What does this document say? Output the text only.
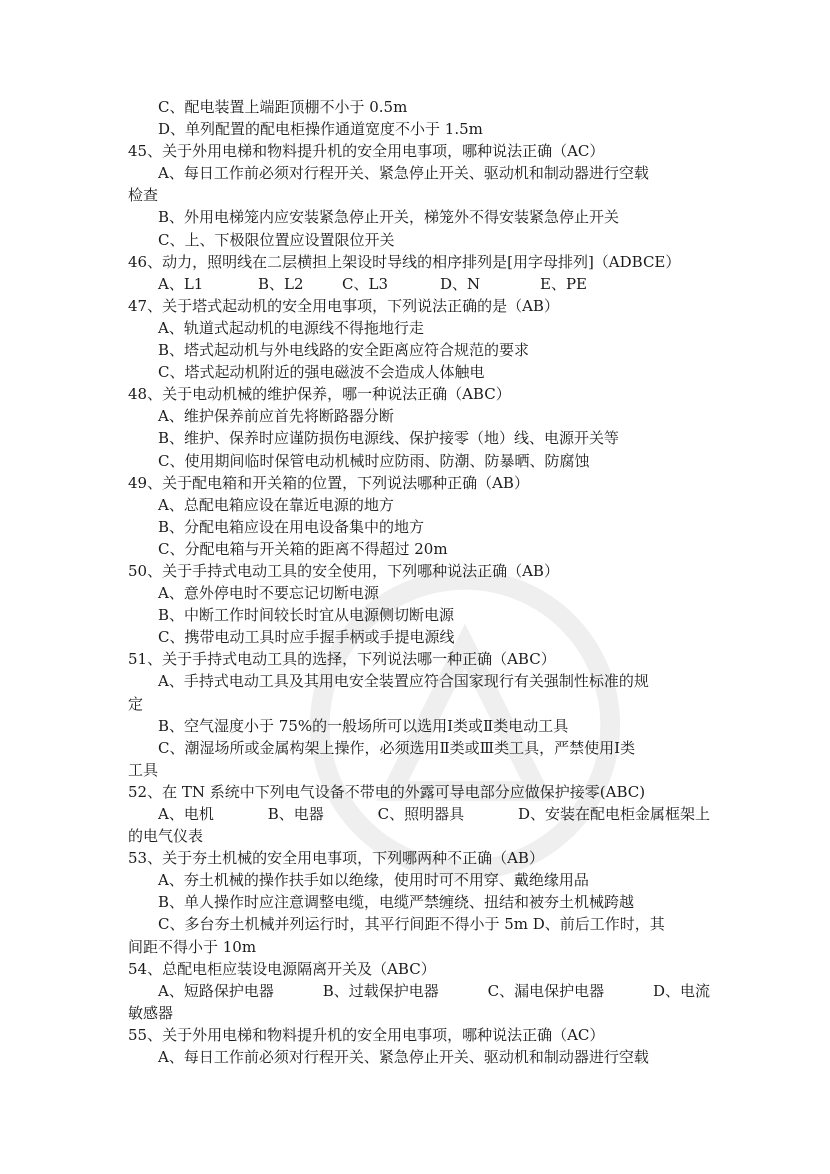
C、配电装置上端距顶棚不小于 0.5m
D、单列配置的配电柜操作通道宽度不小于 1.5m
45、关于外用电梯和物料提升机的安全用电事项，哪种说法正确（AC）
A、每日工作前必须对行程开关、紧急停止开关、驱动机和制动器进行空载
检查
B、外用电梯笼内应安装紧急停止开关，梯笼外不得安装紧急停止开关
C、上、下极限位置应设置限位开关
46、动力，照明线在二层横担上架设时导线的相序排列是[用字母排列]（ADBCE）
A、L1	B、L2	C、L3	D、N	E、PE
47、关于塔式起动机的安全用电事项，下列说法正确的是（AB）
A、轨道式起动机的电源线不得拖地行走
B、塔式起动机与外电线路的安全距离应符合规范的要求
C、塔式起动机附近的强电磁波不会造成人体触电
48、关于电动机械的维护保养，哪一种说法正确（ABC）
A、维护保养前应首先将断路器分断
B、维护、保养时应谨防损伤电源线、保护接零（地）线、电源开关等
C、使用期间临时保管电动机械时应防雨、防潮、防暴晒、防腐蚀
49、关于配电箱和开关箱的位置，下列说法哪种正确（AB）
A、总配电箱应设在靠近电源的地方
B、分配电箱应设在用电设备集中的地方
C、分配电箱与开关箱的距离不得超过 20m
50、关于手持式电动工具的安全使用，下列哪种说法正确（AB）
A、意外停电时不要忘记切断电源
B、中断工作时间较长时宜从电源侧切断电源
C、携带电动工具时应手握手柄或手提电源线
51、关于手持式电动工具的选择，下列说法哪一种正确（ABC）
A、手持式电动工具及其用电安全装置应符合国家现行有关强制性标准的规
定
B、空气湿度小于 75%的一般场所可以选用Ⅰ类或Ⅱ类电动工具
C、潮湿场所或金属构架上操作，必须选用Ⅱ类或Ⅲ类工具，严禁使用Ⅰ类
工具
52、在 TN 系统中下列电气设备不带电的外露可导电部分应做保护接零(ABC)
A、电机	B、电器	C、照明器具	D、安装在配电柜金属框架上
的电气仪表
53、关于夯土机械的安全用电事项，下列哪两种不正确（AB）
A、夯土机械的操作扶手如以绝缘，使用时可不用穿、戴绝缘用品
B、单人操作时应注意调整电缆，电缆严禁缠绕、扭结和被夯土机械跨越
C、多台夯土机械并列运行时，其平行间距不得小于 5m D、前后工作时，其
间距不得小于 10m
54、总配电柜应装设电源隔离开关及（ABC）
A、短路保护电器	B、过载保护电器	C、漏电保护电器	D、电流
敏感器
55、关于外用电梯和物料提升机的安全用电事项，哪种说法正确（AC）
A、每日工作前必须对行程开关、紧急停止开关、驱动机和制动器进行空载
